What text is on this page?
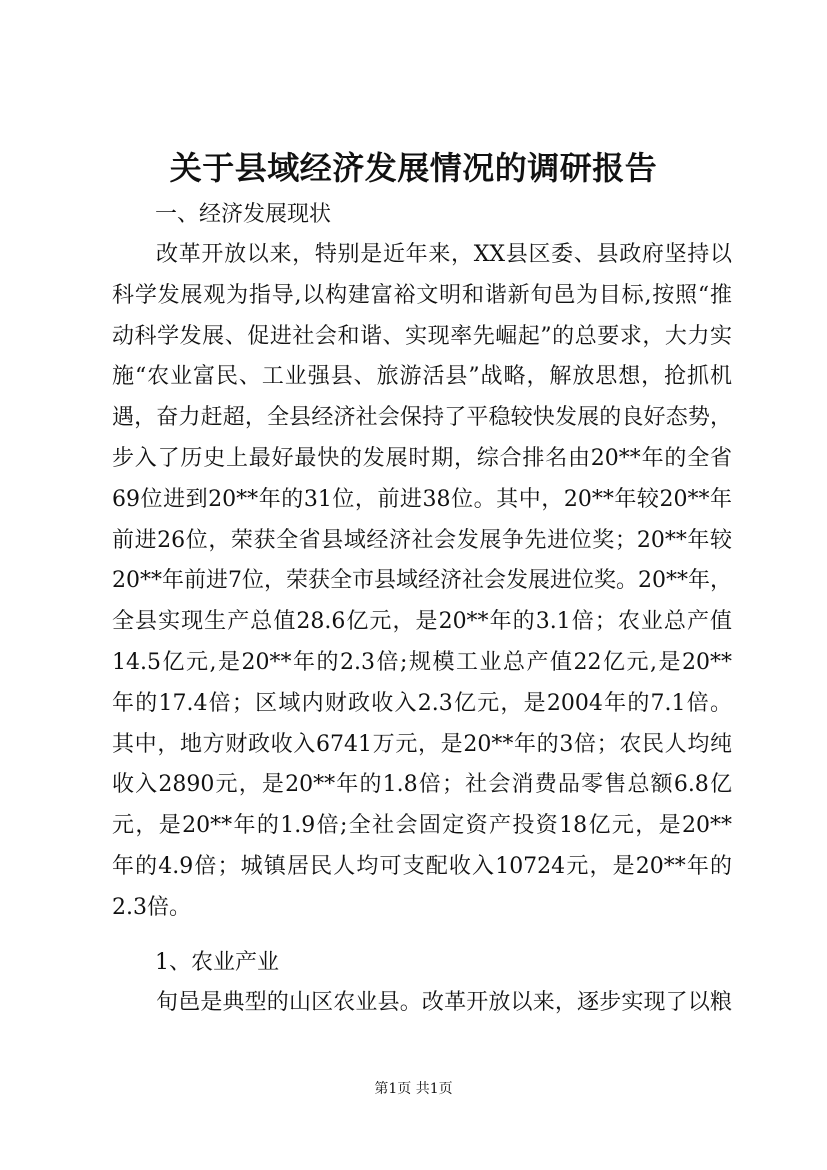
关于县域经济发展情况的调研报告
一、经济发展现状
改革开放以来，特别是近年来，XX县区委、县政府坚持以
科学发展观为指导,以构建富裕文明和谐新旬邑为目标,按照“推
动科学发展、促进社会和谐、实现率先崛起”的总要求，大力实
施“农业富民、工业强县、旅游活县”战略，解放思想，抢抓机
遇，奋力赶超，全县经济社会保持了平稳较快发展的良好态势，
步入了历史上最好最快的发展时期，综合排名由20**年的全省
69位进到20**年的31位，前进38位。其中，20**年较20**年
前进26位，荣获全省县域经济社会发展争先进位奖；20**年较
20**年前进7位，荣获全市县域经济社会发展进位奖。20**年，
全县实现生产总值28.6亿元，是20**年的3.1倍；农业总产值
14.5亿元,是20**年的2.3倍;规模工业总产值22亿元,是20**
年的17.4倍；区域内财政收入2.3亿元，是2004年的7.1倍。
其中，地方财政收入6741万元，是20**年的3倍；农民人均纯
收入2890元，是20**年的1.8倍；社会消费品零售总额6.8亿
元，是20**年的1.9倍;全社会固定资产投资18亿元，是20**
年的4.9倍；城镇居民人均可支配收入10724元，是20**年的
2.3倍。
1、农业产业
旬邑是典型的山区农业县。改革开放以来，逐步实现了以粮
第1页 共1页
